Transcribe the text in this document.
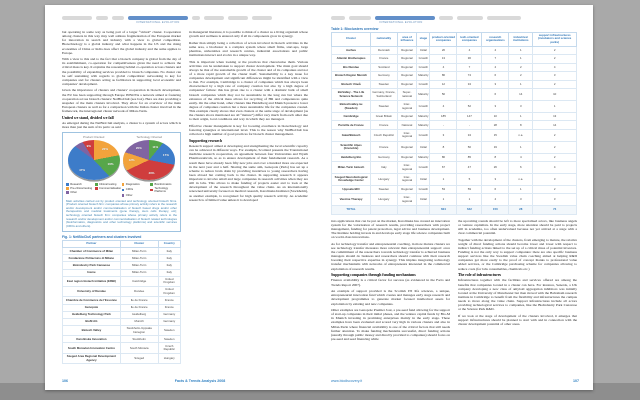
INTERNATIONAL EVOLUTION
but operating in some way as being part of a larger “virtual” cluster. Cooperation among clusters in this way may well address fragmentation of the European market for innovation in search and industry with a view to global competition. Biotechnology is a global industry and what happens in the US and the rising economies of China or India does affect the global industry and the same applies to Europe.
With a view to this and to the fact that a biotech company is global from the day of its establishment, co-operation for competitiveness given the need to achieve the critical mass is key. It explains the reasoning behind co-operation across clusters and the possibility of expanding services provided to biotech companies. No cluster can be self sustaining with regards to global competition: networking is key for companies and for clusters acting as facilitators in supporting local economic and companies’ development.
Given the importance of clusters and clusters’ cooperation in biotech development, the EU has been supporting through Europe INNOVA a network aimed at fostering cooperation across biotech clusters: NetBioClu€ (see box). Here are data providing a snapshot of the main clusters involved. They allow for an overview of the main European clusters as well as for a comparison with the Italian cluster involved in the framework, the interregional cluster network of Milan-Turin.
United we stand, divided we fall
As emerged during the NetBioClu€ analysis, a cluster is a system of actors which is more than just the sum of its parts: as said
Product Oriented
22%
16%
47%
9%
Research	Clinical testing
Pre-clinical testing	Commercialisation
Other
Technology Oriented
11%
17%
40%
12%
20%
Diagnostics	Bioinformatics
CROs
Technology Platforms
Other
Main activities carried out by product oriented and technology oriented biotech firms. (Product oriented biotech firm: companies whose primary activity refers to the research and/or development and/or commercialisation of biotech based drugs and/or other therapeutics and medical treatments (gene therapy, stem cells therapy, etc); technology oriented biotech firm: companies whose primary activity refers to the research and/or development and/or commercialisation of biotech related technologies (bioinformatics, diagnostics and other technology platforms) and scientific services (CROs and others).
Fig. 1: NetBioClu€ partners and clusters involved
Partner	Cluster	Country
Chamber of Commerce of Milan	Milan-Turin	Italy
Fondazione Politecnico di Milano	Milan-Turin	Italy
Bioindustry Park Canavese	Milan-Turin	Italy
Insme	Milan-Turin	Italy
East region biotech initiative (ERBI)	Cambridge	United Kingdom
University of Dundee	Dundee	United Kingdom
Chambre de Commerce de l'Essonne	Ile de France	France
Genopole	Ile de France	France
Heidelberg Technology Park	Heidelberg	Germany
BioM AG	Munich	Germany
Biotech Valley	Stockholm-Uppsala bioregion	Sweden
Karolinska Innovation	Stockholm	Sweden
South Moravian Innovation Centre	South Moravia	Czech Republic
Szeged Area Regional Development Agency	Szeged	Hungary
in managerial literature, it is possible to think of a cluster as a living organism whose growth and wellness is ensured only if all its components grow in synergy.
Rather than simply being a collection of actors involved in biotech activities in the same area, a biocluster is a complex system where small firms, start-ups, large pharmas, universities and research centres, industrial associations and public institutions interact and evolve in a unique way.
This is important when looking at the practices that characterise them. Various activities can be undertaken to support cluster development. The main goal should always be that of the sustainable growth of the cluster and of its companies and not of a more rapid growth of the cluster itself. Sustainability is a key issue for companies development and significant differences might be identified with a view to that. For example, Cambridge is a cluster of companies which has always been characterised by a high rate of company creation but also by a high degree of companies’ failure: this has given rise to a cluster with a dramatic bulk of small biotech companies which may not be sustainable in the long run but where the existence of the critical mass allows for recycling of HR and competences quite easily. On the other hand, other clusters like Heidelberg and Munich present a lower degree of companies creation but a more sustainable life for the companies created. This example clearly shows that even clusters at the same stage of development (as the clusters above mentioned are all “mature”) differ very much from each other due to their origin, local conditions and way in which they are managed.
Effective cluster management is key for boosting excellence in biotechnology and fostering synergies at international level. This is the reason why NetBioClu€ has collected a high number of good practices for biotech cluster management.
Supporting research
Research support aimed at developing and strengthening the local scientific capacity can be achieved in different ways. For example, Scotland presents the Translational medicine research cooperation, an agreement between four Universities and Wyeth Pharmaceuticals, so as to ensure development of their fundamental research. As a result there have already been fifty new jobs and over a hundred more are expected in the next year and a half. Sharing the same aim, Genopole (Paris) has set up a scheme to reduce brain drain by providing incentives to young researchers having been abroad but coming back to the cluster. In supporting research it appears important to involve small and large companies in research activities when they are still in labs. This allows to make funding of projects easier and to look at the development of the research throughout the value chain. As an internationally renowned university focused on medical research, Karolinska Institutet (Stockholm), as another example, is recognised for high quality research activity. As academic research is of limited value unless it is developed
106	Facts & Trends Analysis 2008
INTERNATIONAL EVOLUTION
Table 1: Bioclusters overview
Cluster	nationality	area of influence	stage	product-oriented companies	tech-oriented companies	research organisations	industries/ institutions	support infrastructures (incubators and science parks)
Aarhus	Denmark	Regional	Initial	20	4	4	1	2
Atlantic Biotherapies	France	Regional	Growth	13	30	7	1	2
Bio Dundee	Scotland	Regional	Growth	4	7	4	2	4
Biotech Region Munich	Germany	Regional	Maturity	86	74	6	2	3
Biotech Umeå	Sweden	Regional	Growth	12	34	3	1	2
BioValley - The Life Science Network	Germany, France, Switzerland	Super-national	Maturity	50	-	6	14	10
Biotechvalley.nu (Sweden)	Sweden	Inter-regional	Growth	4	52	3	3	1
Cambridge	Great Britain	Regional	Maturity	185	147	10	1	13
Paris/Ile de France	France	National	Maturity	-	-	28	8	14
Gate2Biotech	Czech Republic	Inter-regional	Growth	3	34	15	n.a.	2
Scientific Alpes (Grenoble)	France	Regional	Initial	8	50	19	1	2
Heidelberg Bio	Germany	Regional	Maturity	86	85	8	4	2
Milan-Turin biotech	Italy	Inter-regional	Growth	67	47	26	6	4
Szeged Neurobiological Knowledge Center	Hungary	Inter-regional	Initial	1	5	3	n.a.	3
Uppsala BIO	Sweden	Regional	Growth	53	59	6	1	2
Vaccine Therapy	Hungary	Inter-regional	Initial	1	1	4	3	3
TOTAL				604	642	150	28	74
into applications that can be put on the market, Karolinska has created an innovation system for the valorisation of research results, providing researchers with project management, funding for patent protection, legal advice and business development. The Institute holding invests in and develops early stage life science companies built on world-class innovations.
As for technology transfer and entrepreneurial coaching, in more mature clusters we see technology transfer measures more relevant than entrepreneurial support: once the commitment of the researchers towards technology transfer is achieved business managers should do business and researchers should continue with their research boosting their respective expertise in synergy. This implies integrating technology transfer mechanisms with networks of entrepreneurs interested in the commercial exploitation of research results.
Supporting companies through funding mechanisms
Finance availability is a critical factor for success (as evidenced in the Facts and Trends Report 2007).
An example of support provided is the Scottish ITI life sciences, a unique, entrepreneurial innovation fund which creates and manages early stage research and development programmes to generate market focused intellectual assets for exploitation by existing and new companies.
Other examples are Genopole Premier Jour, a pre-seed fund allowing for the support of start-up companies in their initial phases, and the venture capital funds by Bio-M in Munich investing in promising enterprises mainly in the early stage. These examples have been evaluated and scored very high in various clusters and also in Milan-Turin where financial availability is one of the critical factors that still needs further attention. To make funding mechanisms successful, direct funding actions (usually through public money and directly provided to companies) should focus on pre-seed and seed financing while
the upcoming rounds should be left to more specialised actors, like business angels or venture capitalists. In the early stage, more attention should be paid to projects still in academia, too often undervalued because not yet arrived at a stage with a clear commercial potential.
Together with the development of the clusters, from emerging to mature, the relative weight of direct funding actions should become lower and lower with respect to indirect funding actions linked to the set up of a critical mass of potential investors. Funding is not the only way to support companies: there are also specific business support services like the Swedish value chain coaching aimed at helping R&D companies get more easily to the proof of concept thanks to professional value added services, or the Cambridge purchasing scheme for companies allowing to reduce costs (for labs consumables, chemicals etc.)
The role of infrastructures
Infrastructures together with the facilities and services offered are among the benefits that companies located in a cluster can have. For instance, Senexis, a UK company developing a new class of amyloid aggregation inhibitors was initially located at the University of Manchester but then moved with the Babraham research institute in Cambridge to benefit from the flexibility and infrastructures the campus needs to move along the value chain. Support infrastructures include all actors providing technological services to companies, like the BioIndustry Park Canavese or the Science Park R&D.
If we look at the stage of development of the clusters involved, it emerges that support infrastructures should be planned to start with and in connection with the cluster development potential of other areas.
www.biodiscovery.it	107
